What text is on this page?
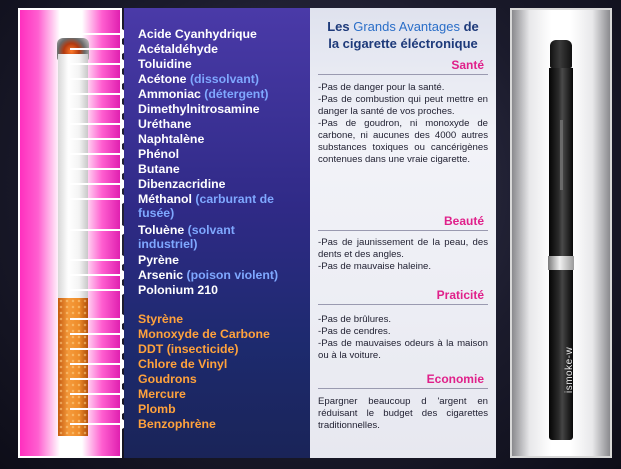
Acide Cyanhydrique
Acétaldéhyde
Toluidine
Acétone (dissolvant)
Ammoniac (détergent)
Dimethylnitrosamine
Uréthane
Naphtalène
Phénol
Butane
Dibenzacridine
Méthanol (carburant de
fusée)
Toluène (solvant
industriel)
Pyrène
Arsenic (poison violent)
Polonium 210
Styrène
Monoxyde de Carbone
DDT (insecticide)
Chlore de Vinyl
Goudrons
Mercure
Plomb
Benzophrène
Les Grands Avantages de
la cigarette éléctronique
Santé
-Pas de danger pour la santé.
-Pas de combustion qui peut mettre en danger la santé de vos proches.
-Pas de goudron, ni monoxyde de carbone, ni aucunes des 4000 autres substances toxiques ou cancérigènes contenues dans une vraie cigarette.
Beauté
-Pas de jaunissement de la peau, des dents et des angles.
-Pas de mauvaise haleine.
Praticité
-Pas de brûlures.
-Pas de cendres.
-Pas de mauvaises odeurs à la maison ou à la voiture.
Economie
Epargner beaucoup d 'argent en réduisant le budget des cigarettes traditionnelles.
ismoke-w
